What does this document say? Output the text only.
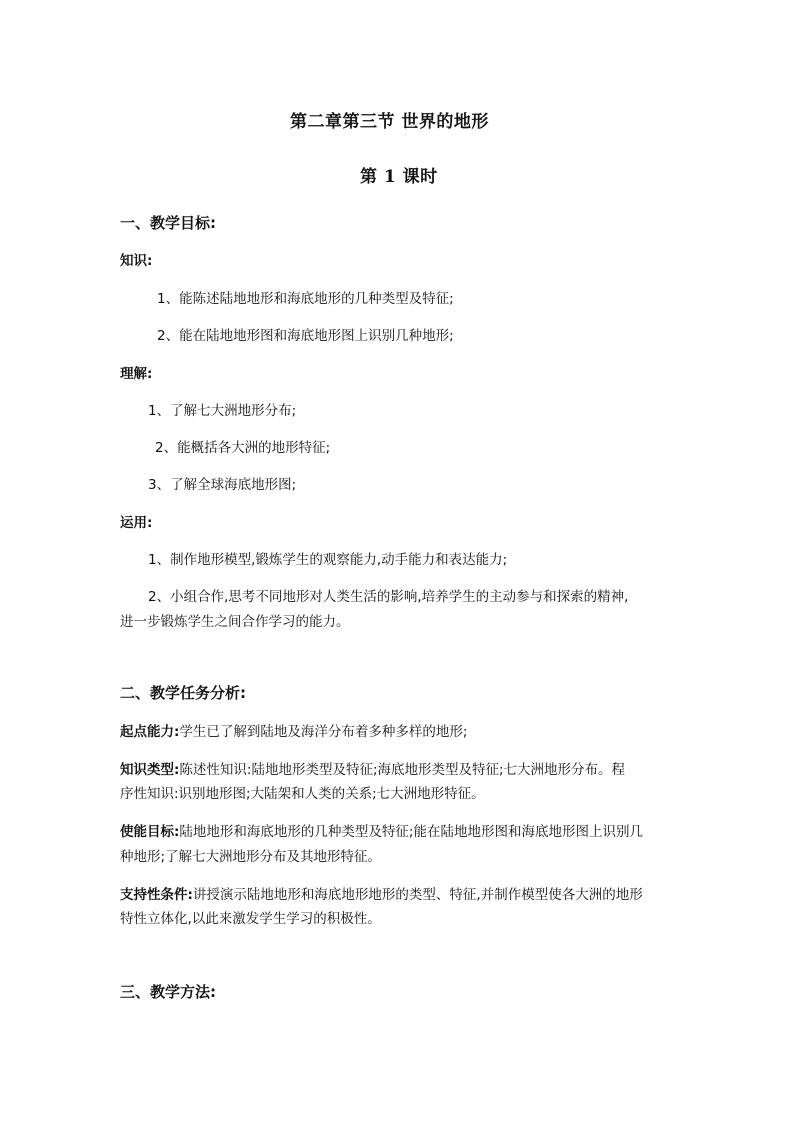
第二章第三节 世界的地形
第 1 课时
一、教学目标:
知识:
1、能陈述陆地地形和海底地形的几种类型及特征;
2、能在陆地地形图和海底地形图上识别几种地形;
理解:
1、了解七大洲地形分布;
2、能概括各大洲的地形特征;
3、了解全球海底地形图;
运用:
1、制作地形模型,锻炼学生的观察能力,动手能力和表达能力;
2、小组合作,思考不同地形对人类生活的影响,培养学生的主动参与和探索的精神,
进一步锻炼学生之间合作学习的能力。
二、教学任务分析:
起点能力:学生已了解到陆地及海洋分布着多种多样的地形;
知识类型:陈述性知识:陆地地形类型及特征;海底地形类型及特征;七大洲地形分布。程
序性知识:识别地形图;大陆架和人类的关系;七大洲地形特征。
使能目标:陆地地形和海底地形的几种类型及特征;能在陆地地形图和海底地形图上识别几
种地形;了解七大洲地形分布及其地形特征。
支持性条件:讲授演示陆地地形和海底地形地形的类型、特征,并制作模型使各大洲的地形
特性立体化,以此来激发学生学习的积极性。
三、教学方法:
